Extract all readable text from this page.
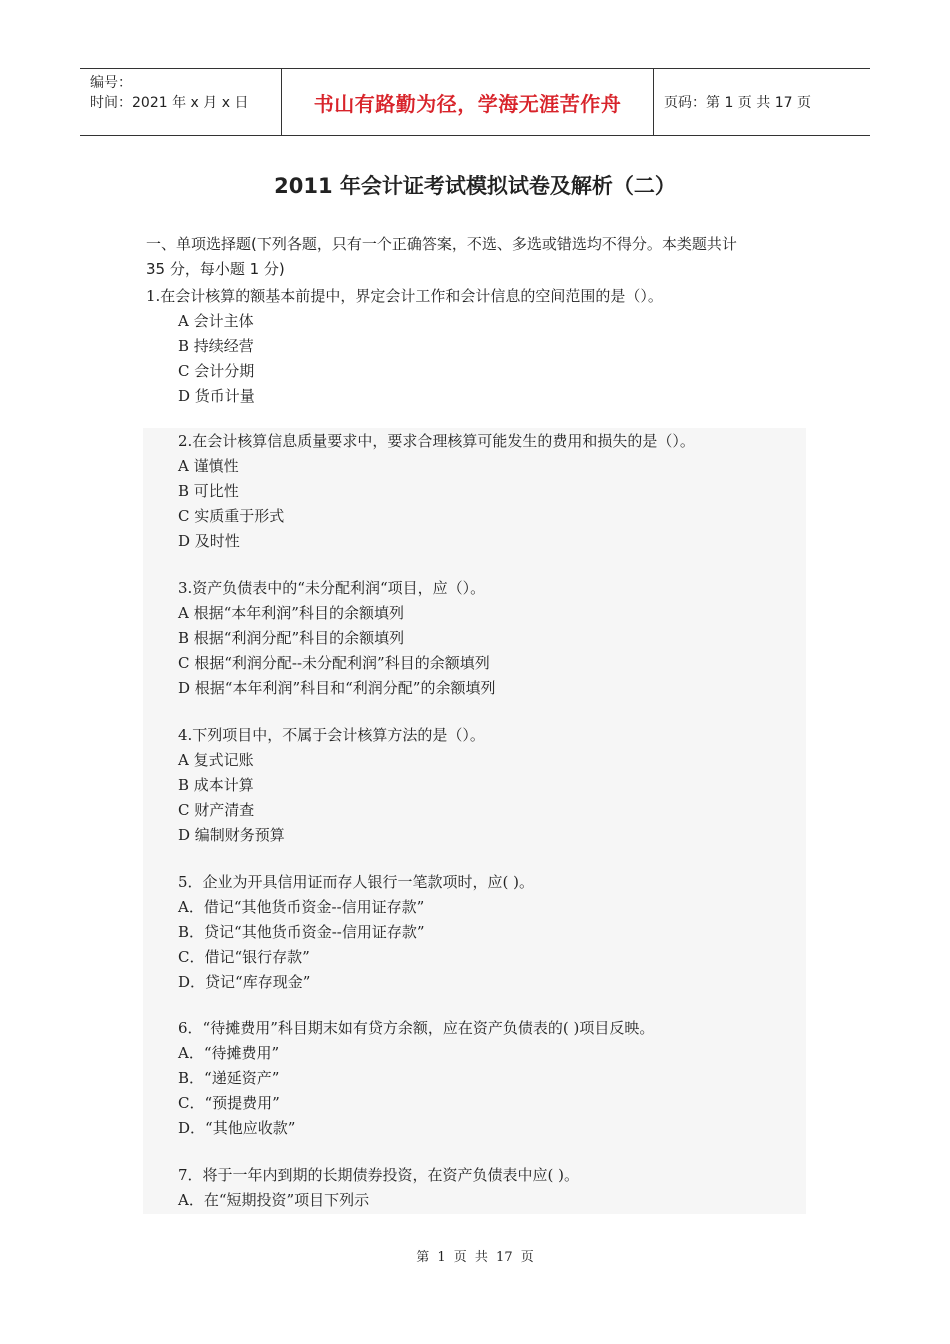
编号：
时间：2021 年 x 月 x 日	书山有路勤为径，学海无涯苦作舟	页码：第 1 页 共 17 页
2011 年会计证考试模拟试卷及解析（二）
一、单项选择题(下列各题，只有一个正确答案，不选、多选或错选均不得分。本类题共计
35 分，每小题 1 分)
1.在会计核算的额基本前提中，界定会计工作和会计信息的空间范围的是（）。
A 会计主体
B 持续经营
C 会计分期
D 货币计量
2.在会计核算信息质量要求中，要求合理核算可能发生的费用和损失的是（）。
A 谨慎性
B 可比性
C 实质重于形式
D 及时性
3.资产负债表中的“未分配利润“项目，应（）。
A 根据“本年利润”科目的余额填列
B 根据“利润分配”科目的余额填列
C 根据“利润分配--未分配利润”科目的余额填列
D 根据“本年利润”科目和“利润分配”的余额填列
4.下列项目中，不属于会计核算方法的是（）。
A 复式记账
B 成本计算
C 财产清查
D 编制财务预算
5．企业为开具信用证而存人银行一笔款项时，应( )。
A．借记“其他货币资金--信用证存款”
B．贷记“其他货币资金--信用证存款”
C．借记“银行存款”
D．贷记“库存现金”
6．“待摊费用”科目期末如有贷方余额，应在资产负债表的( )项目反映。
A．“待摊费用”
B．“递延资产”
C．“预提费用”
D．“其他应收款”
7．将于一年内到期的长期债券投资，在资产负债表中应( )。
A．在“短期投资”项目下列示
第 1 页 共 17 页
